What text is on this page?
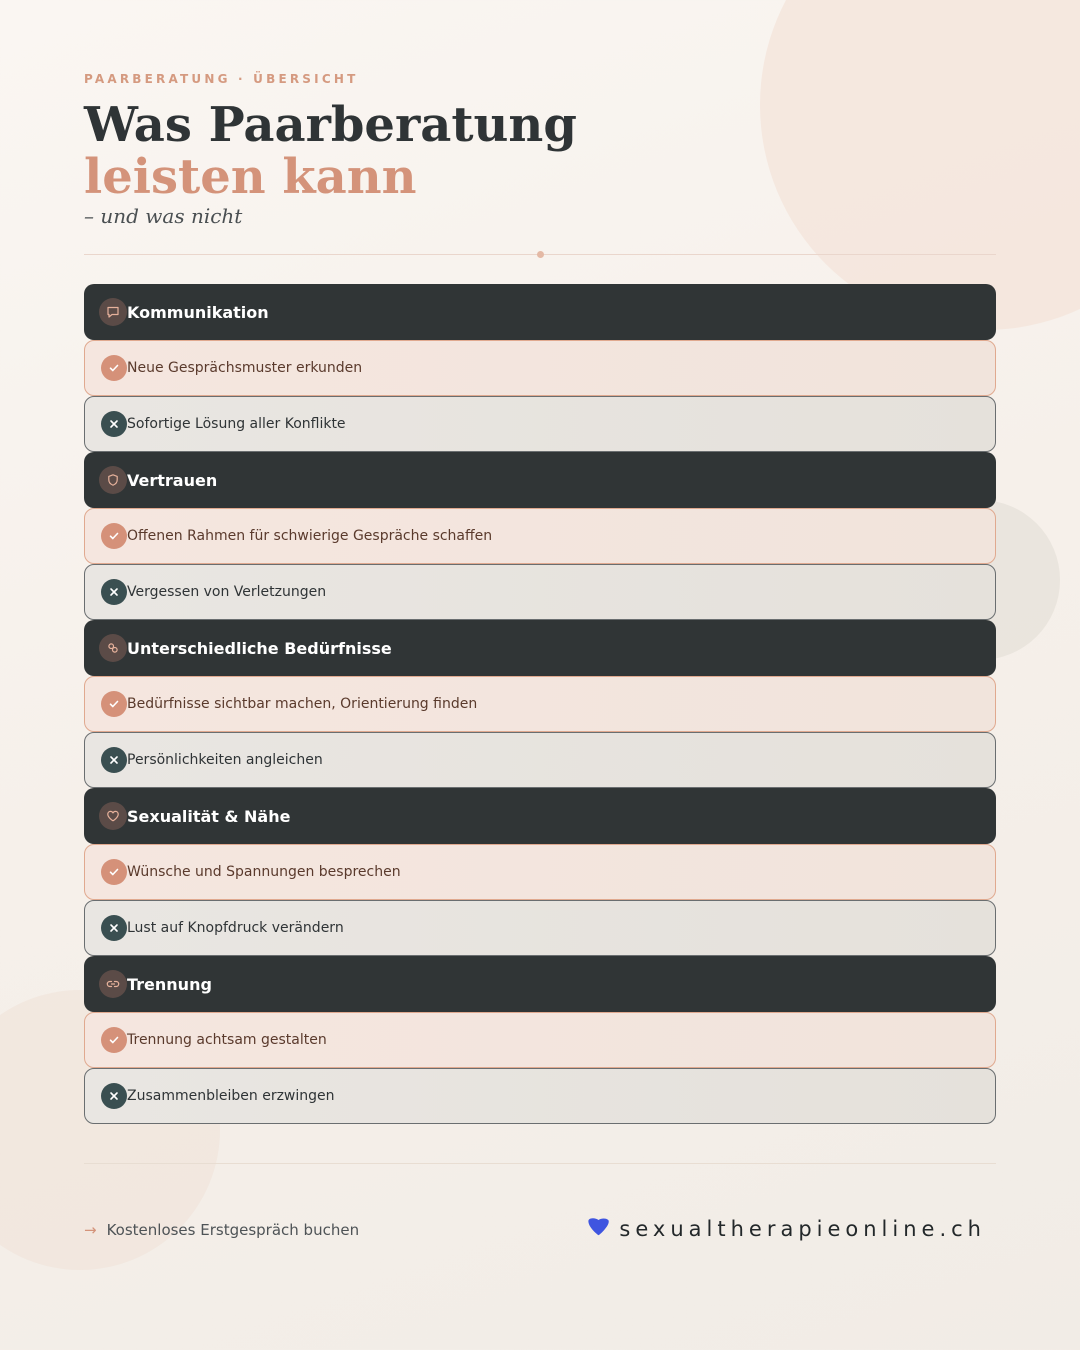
PAARBERATUNG · ÜBERSICHT
Was Paarberatung
leisten kann
– und was nicht
Kommunikation
Neue Gesprächsmuster erkunden
Sofortige Lösung aller Konflikte
Vertrauen
Offenen Rahmen für schwierige Gespräche schaffen
Vergessen von Verletzungen
Unterschiedliche Bedürfnisse
Bedürfnisse sichtbar machen, Orientierung finden
Persönlichkeiten angleichen
Sexualität & Nähe
Wünsche und Spannungen besprechen
Lust auf Knopfdruck verändern
Trennung
Trennung achtsam gestalten
Zusammenbleiben erzwingen
→ Kostenloses Erstgespräch buchen	sexualtherapieonline.ch
